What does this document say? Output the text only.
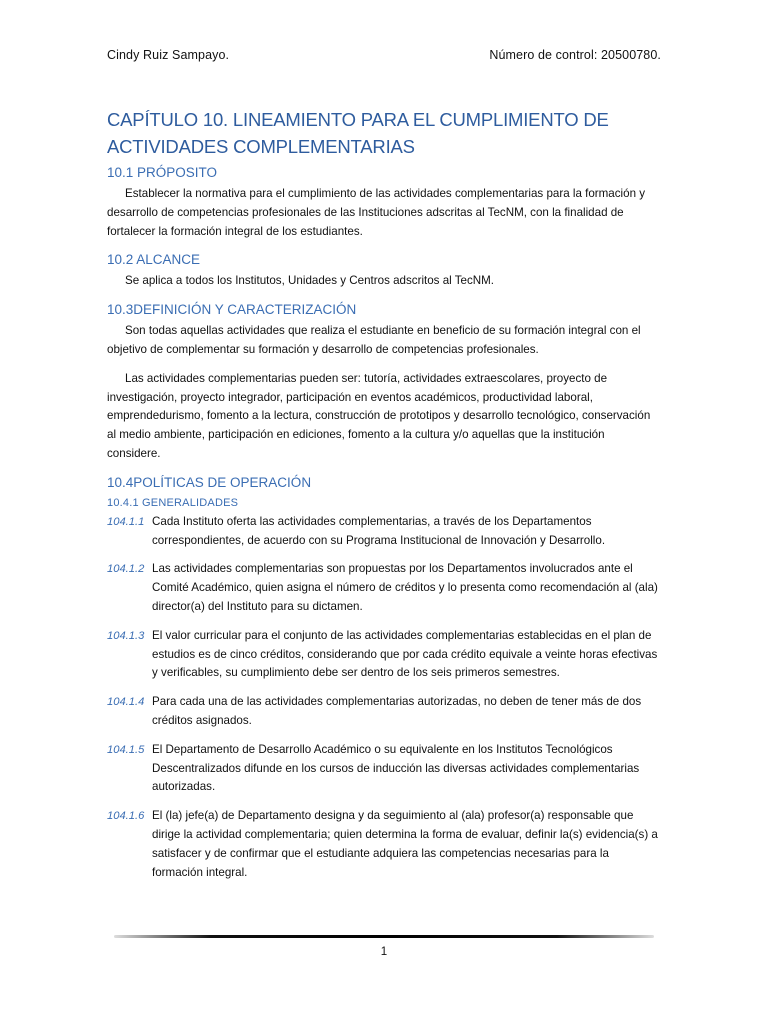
Cindy Ruiz Sampayo.	Número de control: 20500780.
CAPÍTULO 10. LINEAMIENTO PARA EL CUMPLIMIENTO DE ACTIVIDADES COMPLEMENTARIAS
10.1 PRÓPOSITO

Establecer la normativa para el cumplimiento de las actividades complementarias para la formación y desarrollo de competencias profesionales de las Instituciones adscritas al TecNM, con la finalidad de fortalecer la formación integral de los estudiantes.

10.2 ALCANCE

Se aplica a todos los Institutos, Unidades y Centros adscritos al TecNM.

10.3DEFINICIÓN Y CARACTERIZACIÓN

Son todas aquellas actividades que realiza el estudiante en beneficio de su formación integral con el objetivo de complementar su formación y desarrollo de competencias profesionales.

Las actividades complementarias pueden ser: tutoría, actividades extraescolares, proyecto de investigación, proyecto integrador, participación en eventos académicos, productividad laboral, emprendedurismo, fomento a la lectura, construcción de prototipos y desarrollo tecnológico, conservación al medio ambiente, participación en ediciones, fomento a la cultura y/o aquellas que la institución considere.

10.4POLÍTICAS DE OPERACIÓN
10.4.1 GENERALIDADES
104.1.1 Cada Instituto oferta las actividades complementarias, a través de los Departamentos correspondientes, de acuerdo con su Programa Institucional de Innovación y Desarrollo.
104.1.2 Las actividades complementarias son propuestas por los Departamentos involucrados ante el Comité Académico, quien asigna el número de créditos y lo presenta como recomendación al (ala) director(a) del Instituto para su dictamen.
104.1.3 El valor curricular para el conjunto de las actividades complementarias establecidas en el plan de estudios es de cinco créditos, considerando que por cada crédito equivale a veinte horas efectivas y verificables, su cumplimiento debe ser dentro de los seis primeros semestres.
104.1.4 Para cada una de las actividades complementarias autorizadas, no deben de tener más de dos créditos asignados.
104.1.5 El Departamento de Desarrollo Académico o su equivalente en los Institutos Tecnológicos Descentralizados difunde en los cursos de inducción las diversas actividades complementarias autorizadas.
104.1.6 El (la) jefe(a) de Departamento designa y da seguimiento al (ala) profesor(a) responsable que dirige la actividad complementaria; quien determina la forma de evaluar, definir la(s) evidencia(s) a satisfacer y de confirmar que el estudiante adquiera las competencias necesarias para la formación integral.
1
